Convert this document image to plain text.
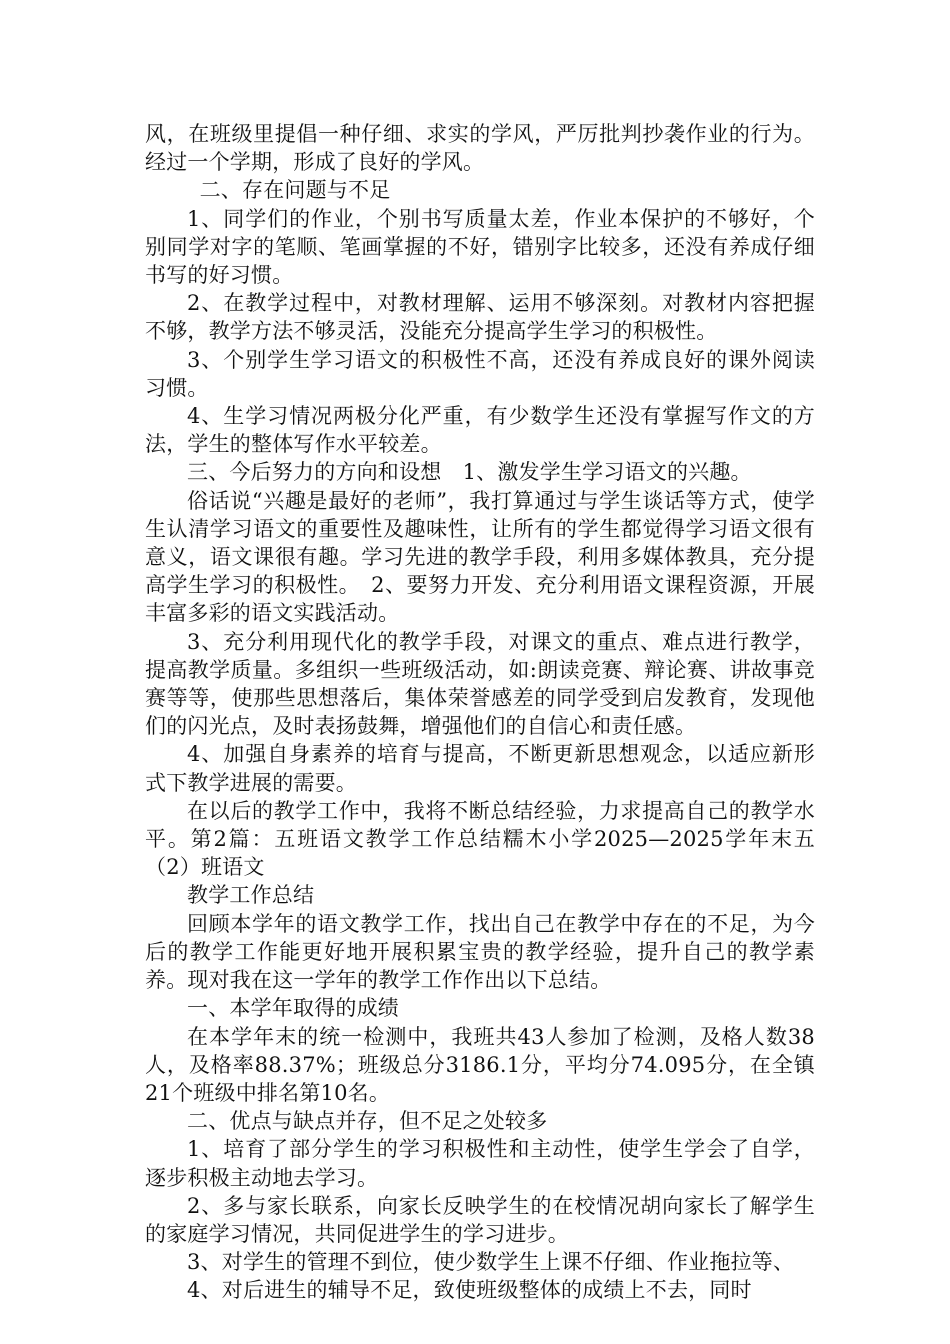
风，在班级里提倡一种仔细、求实的学风，严厉批判抄袭作业的行为。经过一个学期，形成了良好的学风。

二、存在问题与不足

1、同学们的作业，个别书写质量太差，作业本保护的不够好，个别同学对字的笔顺、笔画掌握的不好，错别字比较多，还没有养成仔细书写的好习惯。

2、在教学过程中，对教材理解、运用不够深刻。对教材内容把握不够，教学方法不够灵活，没能充分提高学生学习的积极性。

3、个别学生学习语文的积极性不高，还没有养成良好的课外阅读习惯。

4、生学习情况两极分化严重，有少数学生还没有掌握写作文的方法，学生的整体写作水平较差。

三、今后努力的方向和设想　1、激发学生学习语文的兴趣。

俗话说“兴趣是最好的老师”，我打算通过与学生谈话等方式，使学生认清学习语文的重要性及趣味性，让所有的学生都觉得学习语文很有意义，语文课很有趣。学习先进的教学手段，利用多媒体教具，充分提高学生学习的积极性。　2、要努力开发、充分利用语文课程资源，开展丰富多彩的语文实践活动。

3、充分利用现代化的教学手段，对课文的重点、难点进行教学，提高教学质量。多组织一些班级活动，如:朗读竞赛、辩论赛、讲故事竞赛等等，使那些思想落后，集体荣誉感差的同学受到启发教育，发现他们的闪光点，及时表扬鼓舞，增强他们的自信心和责任感。

4、加强自身素养的培育与提高，不断更新思想观念，以适应新形式下教学进展的需要。

在以后的教学工作中，我将不断总结经验，力求提高自己的教学水平。第2篇：五班语文教学工作总结糯木小学2025—2025学年末五（2）班语文

教学工作总结

回顾本学年的语文教学工作，找出自己在教学中存在的不足，为今后的教学工作能更好地开展积累宝贵的教学经验，提升自己的教学素养。现对我在这一学年的教学工作作出以下总结。

一、本学年取得的成绩

在本学年末的统一检测中，我班共43人参加了检测，及格人数38人，及格率88.37%；班级总分3186.1分，平均分74.095分，在全镇21个班级中排名第10名。

二、优点与缺点并存，但不足之处较多

1、培育了部分学生的学习积极性和主动性，使学生学会了自学，逐步积极主动地去学习。

2、多与家长联系，向家长反映学生的在校情况胡向家长了解学生的家庭学习情况，共同促进学生的学习进步。

3、对学生的管理不到位，使少数学生上课不仔细、作业拖拉等、

4、对后进生的辅导不足，致使班级整体的成绩上不去，同时
